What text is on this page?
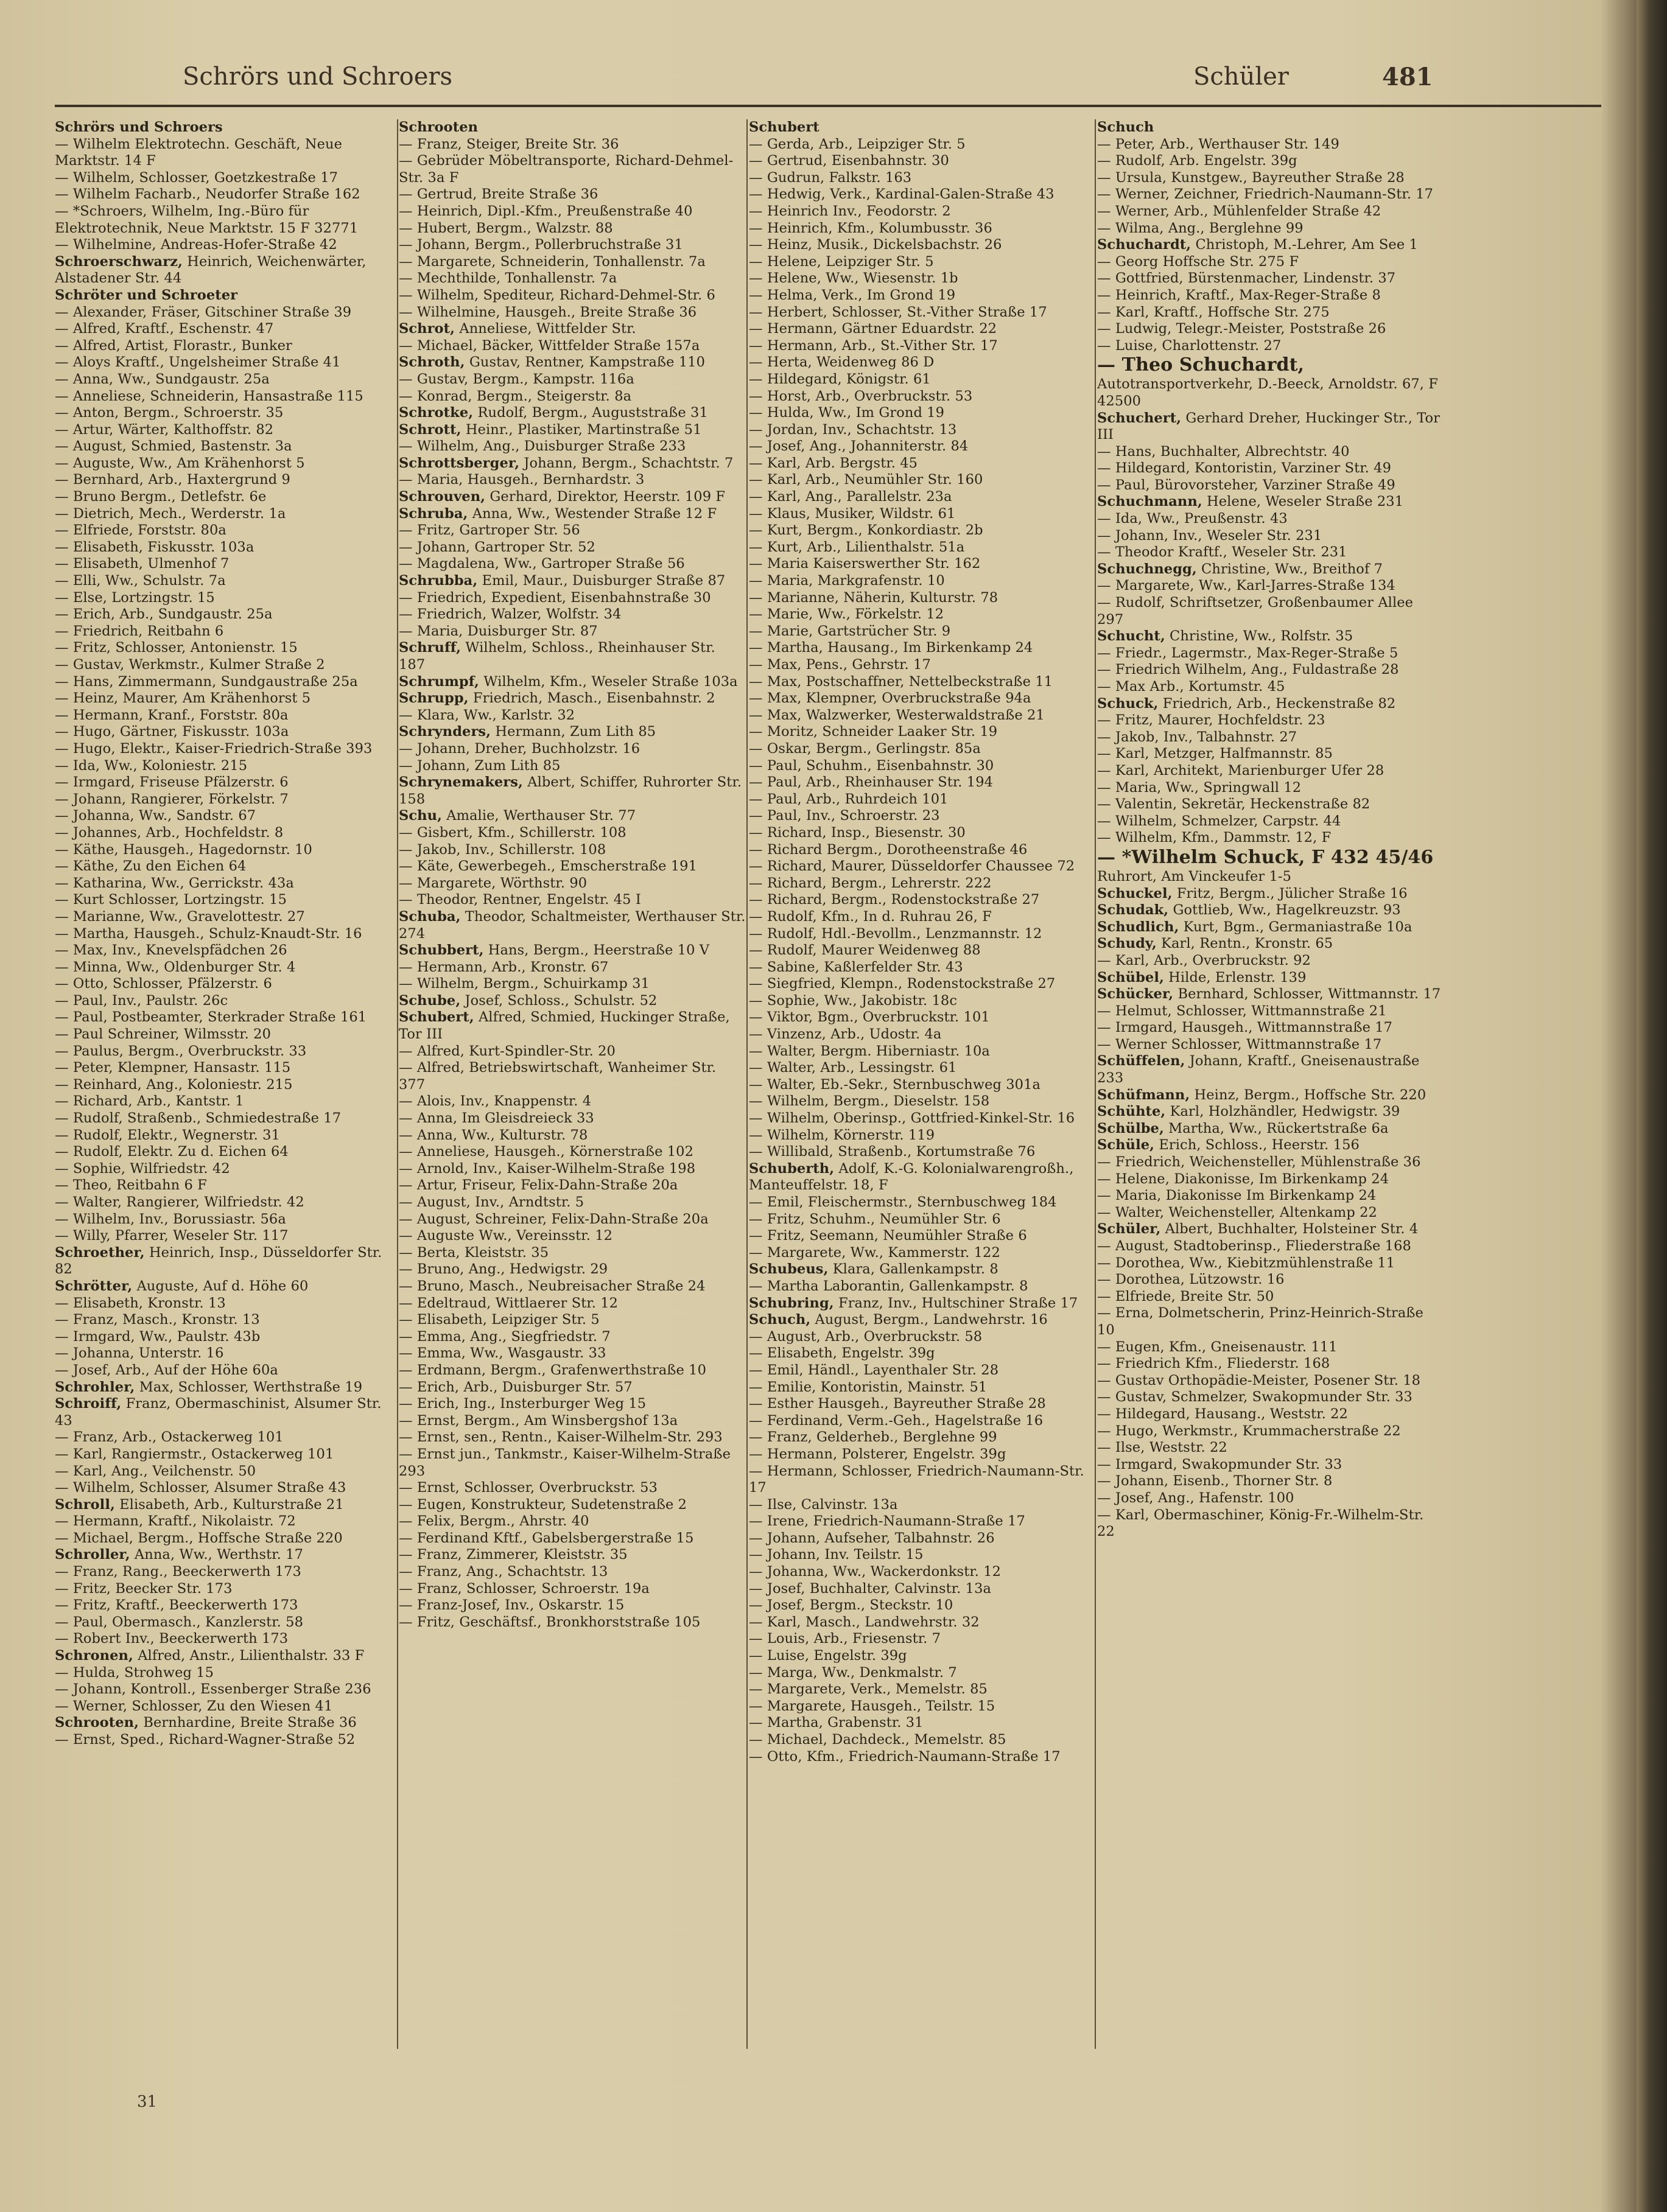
Schrörs und Schroers	Schüler	481

Schrörs und Schroers

— Wilhelm Elektrotechn. Geschäft, Neue Marktstr. 14 F

— Wilhelm, Schlosser, Goetzkestraße 17

— Wilhelm Facharb., Neudorfer Straße 162

— *Schroers, Wilhelm, Ing.-Büro für Elektrotechnik, Neue Marktstr. 15 F 32771

— Wilhelmine, Andreas-Hofer-Straße 42

Schroerschwarz, Heinrich, Weichenwärter, Alstadener Str. 44

Schröter und Schroeter

— Alexander, Fräser, Gitschiner Straße 39

— Alfred, Kraftf., Eschenstr. 47

— Alfred, Artist, Florastr., Bunker

— Aloys Kraftf., Ungelsheimer Straße 41

— Anna, Ww., Sundgaustr. 25a

— Anneliese, Schneiderin, Hansastraße 115

— Anton, Bergm., Schroerstr. 35

— Artur, Wärter, Kalthoffstr. 82

— August, Schmied, Bastenstr. 3a

— Auguste, Ww., Am Krähenhorst 5

— Bernhard, Arb., Haxtergrund 9

— Bruno Bergm., Detlefstr. 6e

— Dietrich, Mech., Werderstr. 1a

— Elfriede, Forststr. 80a

— Elisabeth, Fiskusstr. 103a

— Elisabeth, Ulmenhof 7

— Elli, Ww., Schulstr. 7a

— Else, Lortzingstr. 15

— Erich, Arb., Sundgaustr. 25a

— Friedrich, Reitbahn 6

— Fritz, Schlosser, Antonienstr. 15

— Gustav, Werkmstr., Kulmer Straße 2

— Hans, Zimmermann, Sundgaustraße 25a

— Heinz, Maurer, Am Krähenhorst 5

— Hermann, Kranf., Forststr. 80a

— Hugo, Gärtner, Fiskusstr. 103a

— Hugo, Elektr., Kaiser-Friedrich-Straße 393

— Ida, Ww., Koloniestr. 215

— Irmgard, Friseuse Pfälzerstr. 6

— Johann, Rangierer, Förkelstr. 7

— Johanna, Ww., Sandstr. 67

— Johannes, Arb., Hochfeldstr. 8

— Käthe, Hausgeh., Hagedornstr. 10

— Käthe, Zu den Eichen 64

— Katharina, Ww., Gerrickstr. 43a

— Kurt Schlosser, Lortzingstr. 15

— Marianne, Ww., Gravelottestr. 27

— Martha, Hausgeh., Schulz-Knaudt-Str. 16

— Max, Inv., Knevelspfädchen 26

— Minna, Ww., Oldenburger Str. 4

— Otto, Schlosser, Pfälzerstr. 6

— Paul, Inv., Paulstr. 26c

— Paul, Postbeamter, Sterkrader Straße 161

— Paul Schreiner, Wilmsstr. 20

— Paulus, Bergm., Overbruckstr. 33

— Peter, Klempner, Hansastr. 115

— Reinhard, Ang., Koloniestr. 215

— Richard, Arb., Kantstr. 1

— Rudolf, Straßenb., Schmiedestraße 17

— Rudolf, Elektr., Wegnerstr. 31

— Rudolf, Elektr. Zu d. Eichen 64

— Sophie, Wilfriedstr. 42

— Theo, Reitbahn 6 F

— Walter, Rangierer, Wilfriedstr. 42

— Wilhelm, Inv., Borussiastr. 56a

— Willy, Pfarrer, Weseler Str. 117

Schroether, Heinrich, Insp., Düsseldorfer Str. 82

Schrötter, Auguste, Auf d. Höhe 60

— Elisabeth, Kronstr. 13

— Franz, Masch., Kronstr. 13

— Irmgard, Ww., Paulstr. 43b

— Johanna, Unterstr. 16

— Josef, Arb., Auf der Höhe 60a

Schrohler, Max, Schlosser, Werthstraße 19

Schroiff, Franz, Obermaschinist, Alsumer Str. 43

— Franz, Arb., Ostackerweg 101

— Karl, Rangiermstr., Ostackerweg 101

— Karl, Ang., Veilchenstr. 50

— Wilhelm, Schlosser, Alsumer Straße 43

Schroll, Elisabeth, Arb., Kulturstraße 21

— Hermann, Kraftf., Nikolaistr. 72

— Michael, Bergm., Hoffsche Straße 220

Schroller, Anna, Ww., Werthstr. 17

— Franz, Rang., Beeckerwerth 173

— Fritz, Beecker Str. 173

— Fritz, Kraftf., Beeckerwerth 173

— Paul, Obermasch., Kanzlerstr. 58

— Robert Inv., Beeckerwerth 173

Schronen, Alfred, Anstr., Lilienthalstr. 33 F

— Hulda, Strohweg 15

— Johann, Kontroll., Essenberger Straße 236

— Werner, Schlosser, Zu den Wiesen 41

Schrooten, Bernhardine, Breite Straße 36

— Ernst, Sped., Richard-Wagner-Straße 52

Schrooten

— Franz, Steiger, Breite Str. 36

— Gebrüder Möbeltransporte, Richard-Dehmel-Str. 3a F

— Gertrud, Breite Straße 36

— Heinrich, Dipl.-Kfm., Preußenstraße 40

— Hubert, Bergm., Walzstr. 88

— Johann, Bergm., Pollerbruchstraße 31

— Margarete, Schneiderin, Tonhallenstr. 7a

— Mechthilde, Tonhallenstr. 7a

— Wilhelm, Spediteur, Richard-Dehmel-Str. 6

— Wilhelmine, Hausgeh., Breite Straße 36

Schrot, Anneliese, Wittfelder Str.

— Michael, Bäcker, Wittfelder Straße 157a

Schroth, Gustav, Rentner, Kampstraße 110

— Gustav, Bergm., Kampstr. 116a

— Konrad, Bergm., Steigerstr. 8a

Schrotke, Rudolf, Bergm., Auguststraße 31

Schrott, Heinr., Plastiker, Martinstraße 51

— Wilhelm, Ang., Duisburger Straße 233

Schrottsberger, Johann, Bergm., Schachtstr. 7

— Maria, Hausgeh., Bernhardstr. 3

Schrouven, Gerhard, Direktor, Heerstr. 109 F

Schruba, Anna, Ww., Westender Straße 12 F

— Fritz, Gartroper Str. 56

— Johann, Gartroper Str. 52

— Magdalena, Ww., Gartroper Straße 56

Schrubba, Emil, Maur., Duisburger Straße 87

— Friedrich, Expedient, Eisenbahnstraße 30

— Friedrich, Walzer, Wolfstr. 34

— Maria, Duisburger Str. 87

Schruff, Wilhelm, Schloss., Rheinhauser Str. 187

Schrumpf, Wilhelm, Kfm., Weseler Straße 103a

Schrupp, Friedrich, Masch., Eisenbahnstr. 2

— Klara, Ww., Karlstr. 32

Schrynders, Hermann, Zum Lith 85

— Johann, Dreher, Buchholzstr. 16

— Johann, Zum Lith 85

Schrynemakers, Albert, Schiffer, Ruhrorter Str. 158

Schu, Amalie, Werthauser Str. 77

— Gisbert, Kfm., Schillerstr. 108

— Jakob, Inv., Schillerstr. 108

— Käte, Gewerbegeh., Emscherstraße 191

— Margarete, Wörthstr. 90

— Theodor, Rentner, Engelstr. 45 I

Schuba, Theodor, Schaltmeister, Werthauser Str. 274

Schubbert, Hans, Bergm., Heerstraße 10 V

— Hermann, Arb., Kronstr. 67

— Wilhelm, Bergm., Schuirkamp 31

Schube, Josef, Schloss., Schulstr. 52

Schubert, Alfred, Schmied, Huckinger Straße, Tor III

— Alfred, Kurt-Spindler-Str. 20

— Alfred, Betriebswirtschaft, Wanheimer Str. 377

— Alois, Inv., Knappenstr. 4

— Anna, Im Gleisdreieck 33

— Anna, Ww., Kulturstr. 78

— Anneliese, Hausgeh., Körnerstraße 102

— Arnold, Inv., Kaiser-Wilhelm-Straße 198

— Artur, Friseur, Felix-Dahn-Straße 20a

— August, Inv., Arndtstr. 5

— August, Schreiner, Felix-Dahn-Straße 20a

— Auguste Ww., Vereinsstr. 12

— Berta, Kleiststr. 35

— Bruno, Ang., Hedwigstr. 29

— Bruno, Masch., Neubreisacher Straße 24

— Edeltraud, Wittlaerer Str. 12

— Elisabeth, Leipziger Str. 5

— Emma, Ang., Siegfriedstr. 7

— Emma, Ww., Wasgaustr. 33

— Erdmann, Bergm., Grafenwerthstraße 10

— Erich, Arb., Duisburger Str. 57

— Erich, Ing., Insterburger Weg 15

— Ernst, Bergm., Am Winsbergshof 13a

— Ernst, sen., Rentn., Kaiser-Wilhelm-Str. 293

— Ernst jun., Tankmstr., Kaiser-Wilhelm-Straße 293

— Ernst, Schlosser, Overbruckstr. 53

— Eugen, Konstrukteur, Sudetenstraße 2

— Felix, Bergm., Ahrstr. 40

— Ferdinand Kftf., Gabelsbergerstraße 15

— Franz, Zimmerer, Kleiststr. 35

— Franz, Ang., Schachtstr. 13

— Franz, Schlosser, Schroerstr. 19a

— Franz-Josef, Inv., Oskarstr. 15

— Fritz, Geschäftsf., Bronkhorststraße 105

Schubert

— Gerda, Arb., Leipziger Str. 5

— Gertrud, Eisenbahnstr. 30

— Gudrun, Falkstr. 163

— Hedwig, Verk., Kardinal-Galen-Straße 43

— Heinrich Inv., Feodorstr. 2

— Heinrich, Kfm., Kolumbusstr. 36

— Heinz, Musik., Dickelsbachstr. 26

— Helene, Leipziger Str. 5

— Helene, Ww., Wiesenstr. 1b

— Helma, Verk., Im Grond 19

— Herbert, Schlosser, St.-Vither Straße 17

— Hermann, Gärtner Eduardstr. 22

— Hermann, Arb., St.-Vither Str. 17

— Herta, Weidenweg 86 D

— Hildegard, Königstr. 61

— Horst, Arb., Overbruckstr. 53

— Hulda, Ww., Im Grond 19

— Jordan, Inv., Schachtstr. 13

— Josef, Ang., Johanniterstr. 84

— Karl, Arb. Bergstr. 45

— Karl, Arb., Neumühler Str. 160

— Karl, Ang., Parallelstr. 23a

— Klaus, Musiker, Wildstr. 61

— Kurt, Bergm., Konkordiastr. 2b

— Kurt, Arb., Lilienthalstr. 51a

— Maria Kaiserswerther Str. 162

— Maria, Markgrafenstr. 10

— Marianne, Näherin, Kulturstr. 78

— Marie, Ww., Förkelstr. 12

— Marie, Gartstrücher Str. 9

— Martha, Hausang., Im Birkenkamp 24

— Max, Pens., Gehrstr. 17

— Max, Postschaffner, Nettelbeckstraße 11

— Max, Klempner, Overbruckstraße 94a

— Max, Walzwerker, Westerwaldstraße 21

— Moritz, Schneider Laaker Str. 19

— Oskar, Bergm., Gerlingstr. 85a

— Paul, Schuhm., Eisenbahnstr. 30

— Paul, Arb., Rheinhauser Str. 194

— Paul, Arb., Ruhrdeich 101

— Paul, Inv., Schroerstr. 23

— Richard, Insp., Biesenstr. 30

— Richard Bergm., Dorotheenstraße 46

— Richard, Maurer, Düsseldorfer Chaussee 72

— Richard, Bergm., Lehrerstr. 222

— Richard, Bergm., Rodenstockstraße 27

— Rudolf, Kfm., In d. Ruhrau 26, F

— Rudolf, Hdl.-Bevollm., Lenzmannstr. 12

— Rudolf, Maurer Weidenweg 88

— Sabine, Kaßlerfelder Str. 43

— Siegfried, Klempn., Rodenstockstraße 27

— Sophie, Ww., Jakobistr. 18c

— Viktor, Bgm., Overbruckstr. 101

— Vinzenz, Arb., Udostr. 4a

— Walter, Bergm. Hiberniastr. 10a

— Walter, Arb., Lessingstr. 61

— Walter, Eb.-Sekr., Sternbuschweg 301a

— Wilhelm, Bergm., Dieselstr. 158

— Wilhelm, Oberinsp., Gottfried-Kinkel-Str. 16

— Wilhelm, Körnerstr. 119

— Willibald, Straßenb., Kortumstraße 76

Schuberth, Adolf, K.-G. Kolonialwarengroßh., Manteuffelstr. 18, F

— Emil, Fleischermstr., Sternbuschweg 184

— Fritz, Schuhm., Neumühler Str. 6

— Fritz, Seemann, Neumühler Straße 6

— Margarete, Ww., Kammerstr. 122

Schubeus, Klara, Gallenkampstr. 8

— Martha Laborantin, Gallenkampstr. 8

Schubring, Franz, Inv., Hultschiner Straße 17

Schuch, August, Bergm., Landwehrstr. 16

— August, Arb., Overbruckstr. 58

— Elisabeth, Engelstr. 39g

— Emil, Händl., Layenthaler Str. 28

— Emilie, Kontoristin, Mainstr. 51

— Esther Hausgeh., Bayreuther Straße 28

— Ferdinand, Verm.-Geh., Hagelstraße 16

— Franz, Gelderheb., Berglehne 99

— Hermann, Polsterer, Engelstr. 39g

— Hermann, Schlosser, Friedrich-Naumann-Str. 17

— Ilse, Calvinstr. 13a

— Irene, Friedrich-Naumann-Straße 17

— Johann, Aufseher, Talbahnstr. 26

— Johann, Inv. Teilstr. 15

— Johanna, Ww., Wackerdonkstr. 12

— Josef, Buchhalter, Calvinstr. 13a

— Josef, Bergm., Steckstr. 10

— Karl, Masch., Landwehrstr. 32

— Louis, Arb., Friesenstr. 7

— Luise, Engelstr. 39g

— Marga, Ww., Denkmalstr. 7

— Margarete, Verk., Memelstr. 85

— Margarete, Hausgeh., Teilstr. 15

— Martha, Grabenstr. 31

— Michael, Dachdeck., Memelstr. 85

— Otto, Kfm., Friedrich-Naumann-Straße 17

Schuch

— Peter, Arb., Werthauser Str. 149

— Rudolf, Arb. Engelstr. 39g

— Ursula, Kunstgew., Bayreuther Straße 28

— Werner, Zeichner, Friedrich-Naumann-Str. 17

— Werner, Arb., Mühlenfelder Straße 42

— Wilma, Ang., Berglehne 99

Schuchardt, Christoph, M.-Lehrer, Am See 1

— Georg Hoffsche Str. 275 F

— Gottfried, Bürstenmacher, Lindenstr. 37

— Heinrich, Kraftf., Max-Reger-Straße 8

— Karl, Kraftf., Hoffsche Str. 275

— Ludwig, Telegr.-Meister, Poststraße 26

— Luise, Charlottenstr. 27

— Theo Schuchardt,

Autotransportverkehr, D.-Beeck, Arnoldstr. 67, F 42500

Schuchert, Gerhard Dreher, Huckinger Str., Tor III

— Hans, Buchhalter, Albrechtstr. 40

— Hildegard, Kontoristin, Varziner Str. 49

— Paul, Bürovorsteher, Varziner Straße 49

Schuchmann, Helene, Weseler Straße 231

— Ida, Ww., Preußenstr. 43

— Johann, Inv., Weseler Str. 231

— Theodor Kraftf., Weseler Str. 231

Schuchnegg, Christine, Ww., Breithof 7

— Margarete, Ww., Karl-Jarres-Straße 134

— Rudolf, Schriftsetzer, Großenbaumer Allee 297

Schucht, Christine, Ww., Rolfstr. 35

— Friedr., Lagermstr., Max-Reger-Straße 5

— Friedrich Wilhelm, Ang., Fuldastraße 28

— Max Arb., Kortumstr. 45

Schuck, Friedrich, Arb., Heckenstraße 82

— Fritz, Maurer, Hochfeldstr. 23

— Jakob, Inv., Talbahnstr. 27

— Karl, Metzger, Halfmannstr. 85

— Karl, Architekt, Marienburger Ufer 28

— Maria, Ww., Springwall 12

— Valentin, Sekretär, Heckenstraße 82

— Wilhelm, Schmelzer, Carpstr. 44

— Wilhelm, Kfm., Dammstr. 12, F

— *Wilhelm Schuck, F 432 45/46

Ruhrort, Am Vinckeufer 1-5

Schuckel, Fritz, Bergm., Jülicher Straße 16

Schudak, Gottlieb, Ww., Hagelkreuzstr. 93

Schudlich, Kurt, Bgm., Germaniastraße 10a

Schudy, Karl, Rentn., Kronstr. 65

— Karl, Arb., Overbruckstr. 92

Schübel, Hilde, Erlenstr. 139

Schücker, Bernhard, Schlosser, Wittmannstr. 17

— Helmut, Schlosser, Wittmannstraße 21

— Irmgard, Hausgeh., Wittmannstraße 17

— Werner Schlosser, Wittmannstraße 17

Schüffelen, Johann, Kraftf., Gneisenaustraße 233

Schüfmann, Heinz, Bergm., Hoffsche Str. 220

Schühte, Karl, Holzhändler, Hedwigstr. 39

Schülbe, Martha, Ww., Rückertstraße 6a

Schüle, Erich, Schloss., Heerstr. 156

— Friedrich, Weichensteller, Mühlenstraße 36

— Helene, Diakonisse, Im Birkenkamp 24

— Maria, Diakonisse Im Birkenkamp 24

— Walter, Weichensteller, Altenkamp 22

Schüler, Albert, Buchhalter, Holsteiner Str. 4

— August, Stadtoberinsp., Fliederstraße 168

— Dorothea, Ww., Kiebitzmühlenstraße 11

— Dorothea, Lützowstr. 16

— Elfriede, Breite Str. 50

— Erna, Dolmetscherin, Prinz-Heinrich-Straße 10

— Eugen, Kfm., Gneisenaustr. 111

— Friedrich Kfm., Fliederstr. 168

— Gustav Orthopädie-Meister, Posener Str. 18

— Gustav, Schmelzer, Swakopmunder Str. 33

— Hildegard, Hausang., Weststr. 22

— Hugo, Werkmstr., Krummacherstraße 22

— Ilse, Weststr. 22

— Irmgard, Swakopmunder Str. 33

— Johann, Eisenb., Thorner Str. 8

— Josef, Ang., Hafenstr. 100

— Karl, Obermaschiner, König-Fr.-Wilhelm-Str. 22

31
